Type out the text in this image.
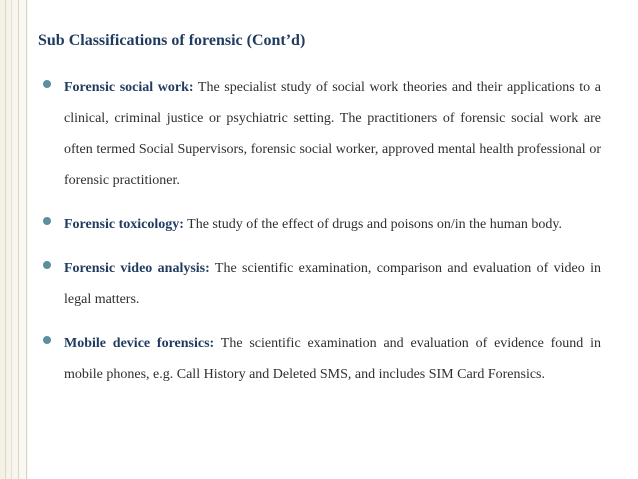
Sub Classifications of forensic (Cont’d)
Forensic social work: The specialist study of social work theories and their applications to a clinical, criminal justice or psychiatric setting. The practitioners of forensic social work are often termed Social Supervisors, forensic social worker, approved mental health professional or forensic practitioner.
Forensic toxicology: The study of the effect of drugs and poisons on/in the human body.
Forensic video analysis: The scientific examination, comparison and evaluation of video in legal matters.
Mobile device forensics: The scientific examination and evaluation of evidence found in mobile phones, e.g. Call History and Deleted SMS, and includes SIM Card Forensics.
